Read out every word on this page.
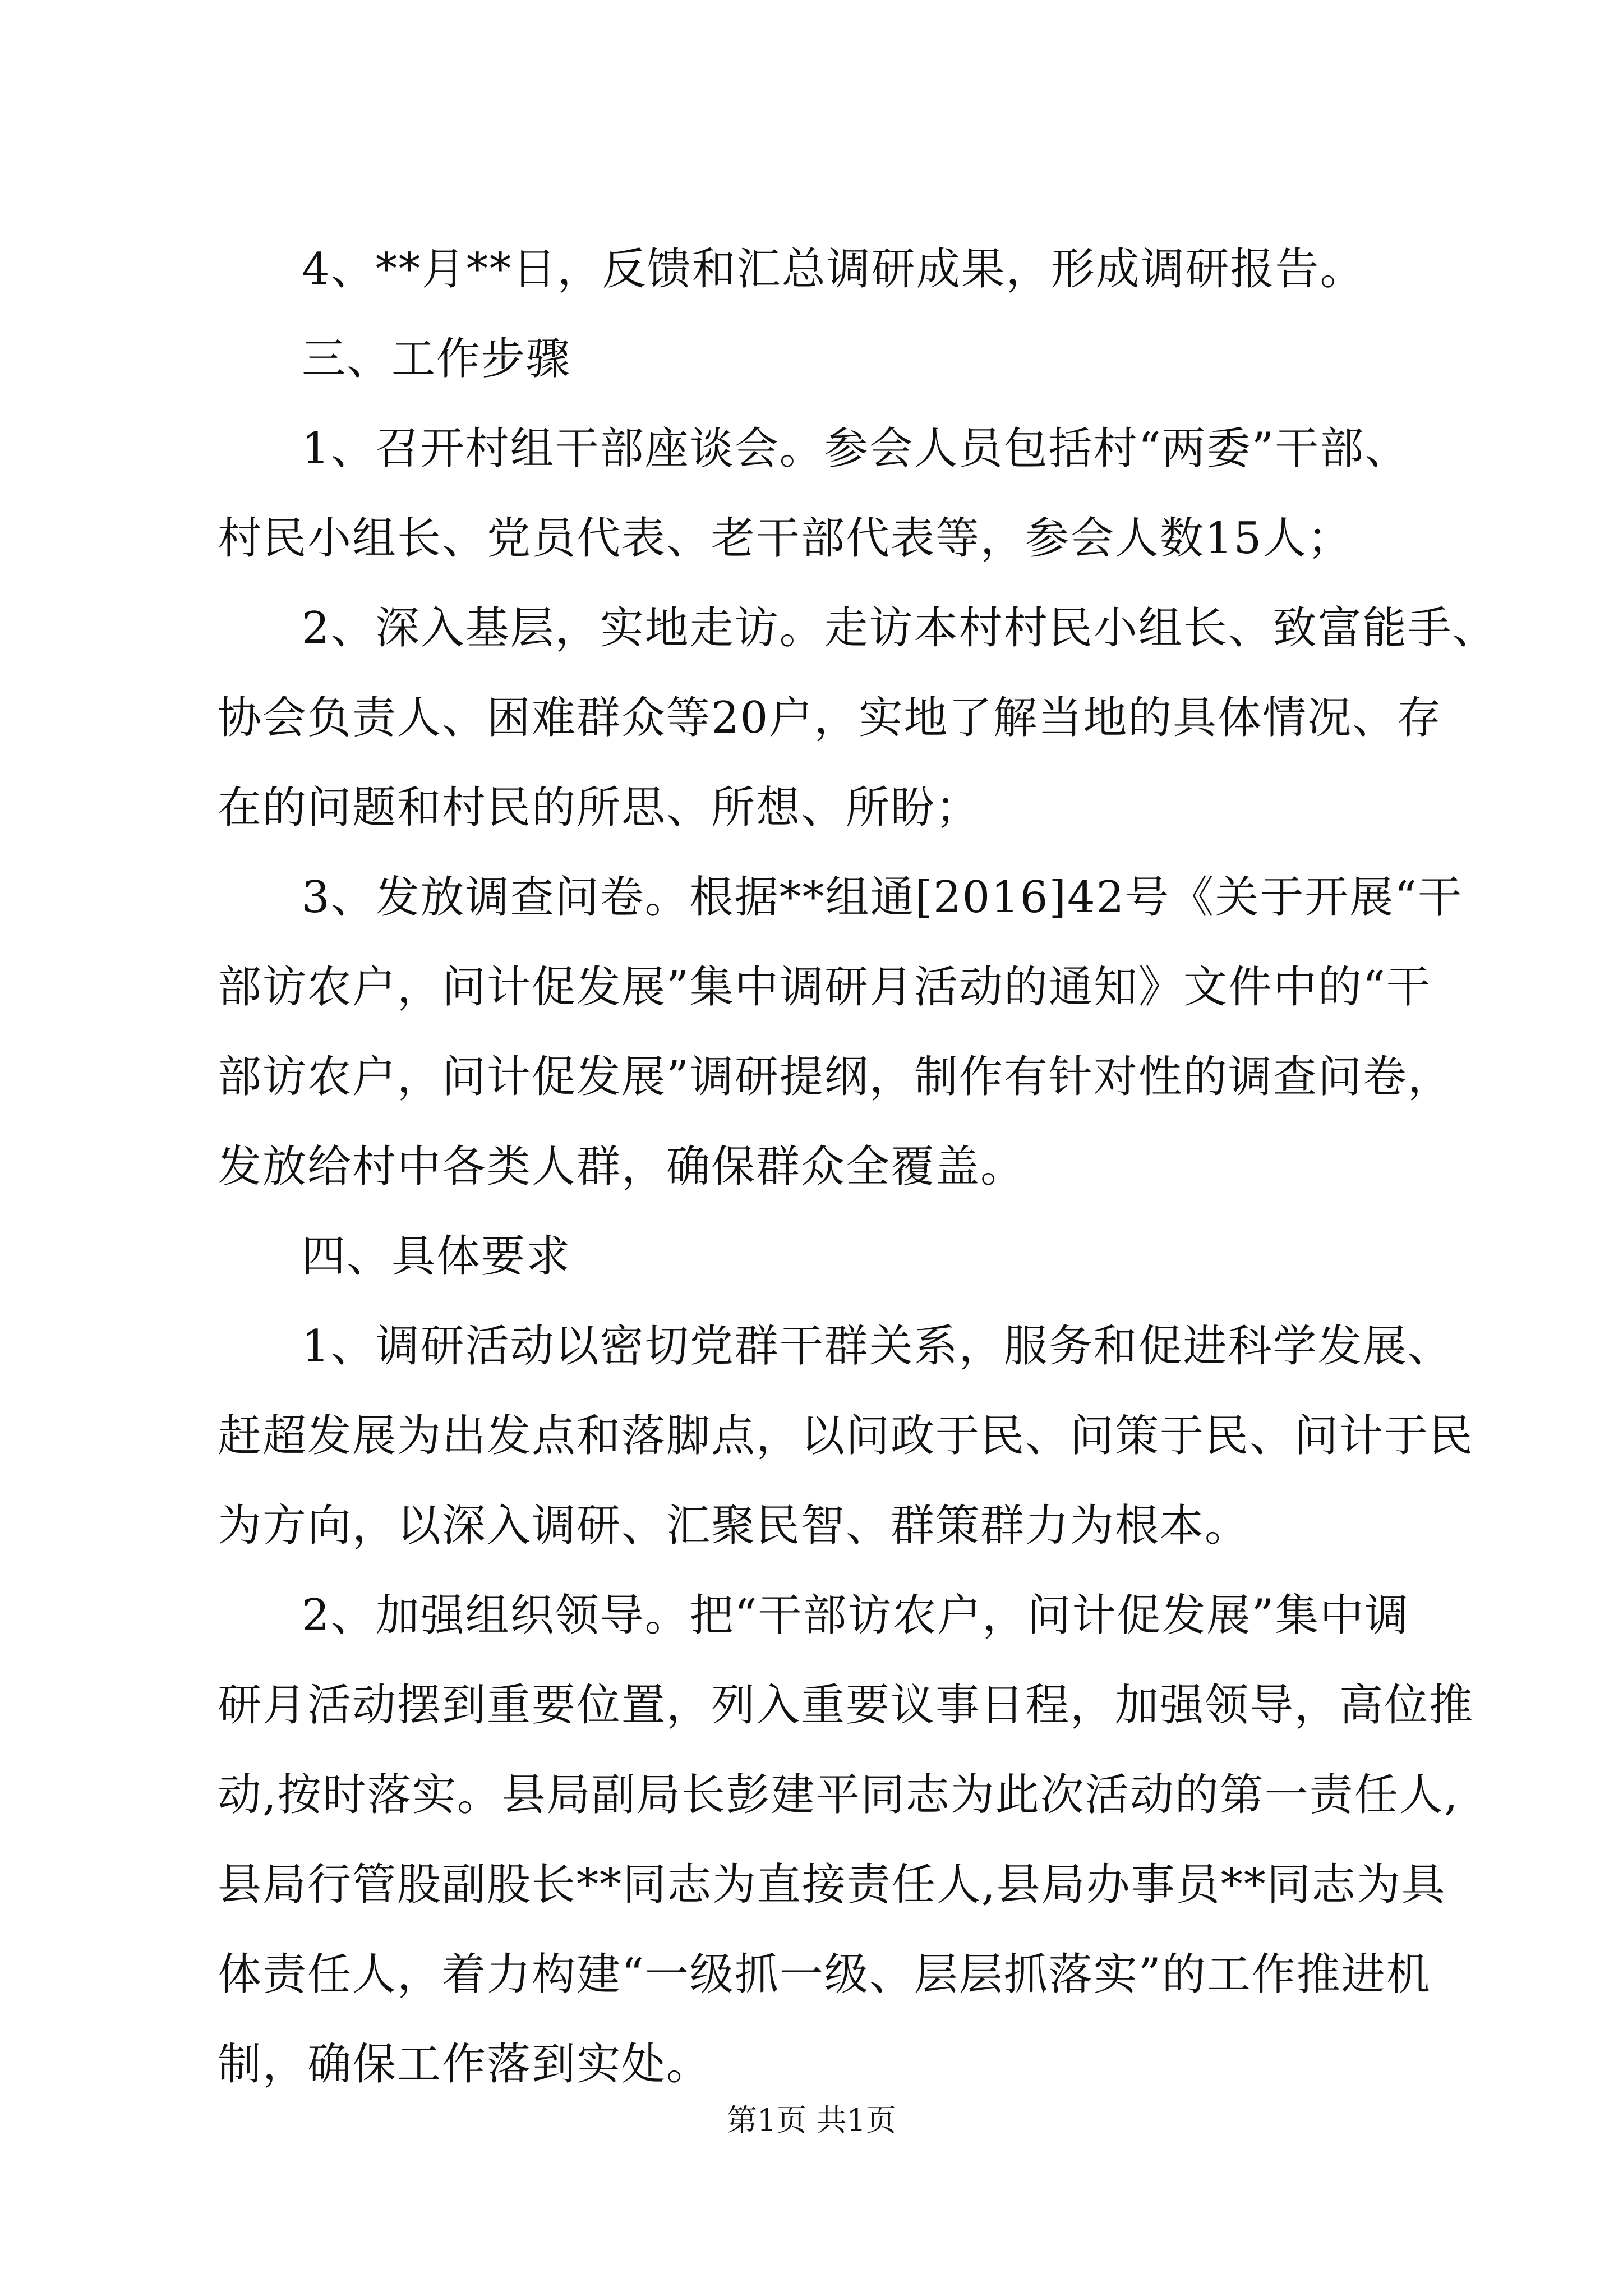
4、**月**日，反馈和汇总调研成果，形成调研报告。
三、工作步骤
1、召开村组干部座谈会。参会人员包括村“两委”干部、
村民小组长、党员代表、老干部代表等，参会人数15人；
2、深入基层，实地走访。走访本村村民小组长、致富能手、
协会负责人、困难群众等20户，实地了解当地的具体情况、存
在的问题和村民的所思、所想、所盼；
3、发放调查问卷。根据**组通[2016]42号《关于开展“干
部访农户，问计促发展”集中调研月活动的通知》文件中的“干
部访农户，问计促发展”调研提纲，制作有针对性的调查问卷，
发放给村中各类人群，确保群众全覆盖。
四、具体要求
1、调研活动以密切党群干群关系，服务和促进科学发展、
赶超发展为出发点和落脚点，以问政于民、问策于民、问计于民
为方向，以深入调研、汇聚民智、群策群力为根本。
2、加强组织领导。把“干部访农户，问计促发展”集中调
研月活动摆到重要位置，列入重要议事日程，加强领导，高位推
动,按时落实。县局副局长彭建平同志为此次活动的第一责任人,
县局行管股副股长**同志为直接责任人,县局办事员**同志为具
体责任人，着力构建“一级抓一级、层层抓落实”的工作推进机
制，确保工作落到实处。
第1页 共1页
